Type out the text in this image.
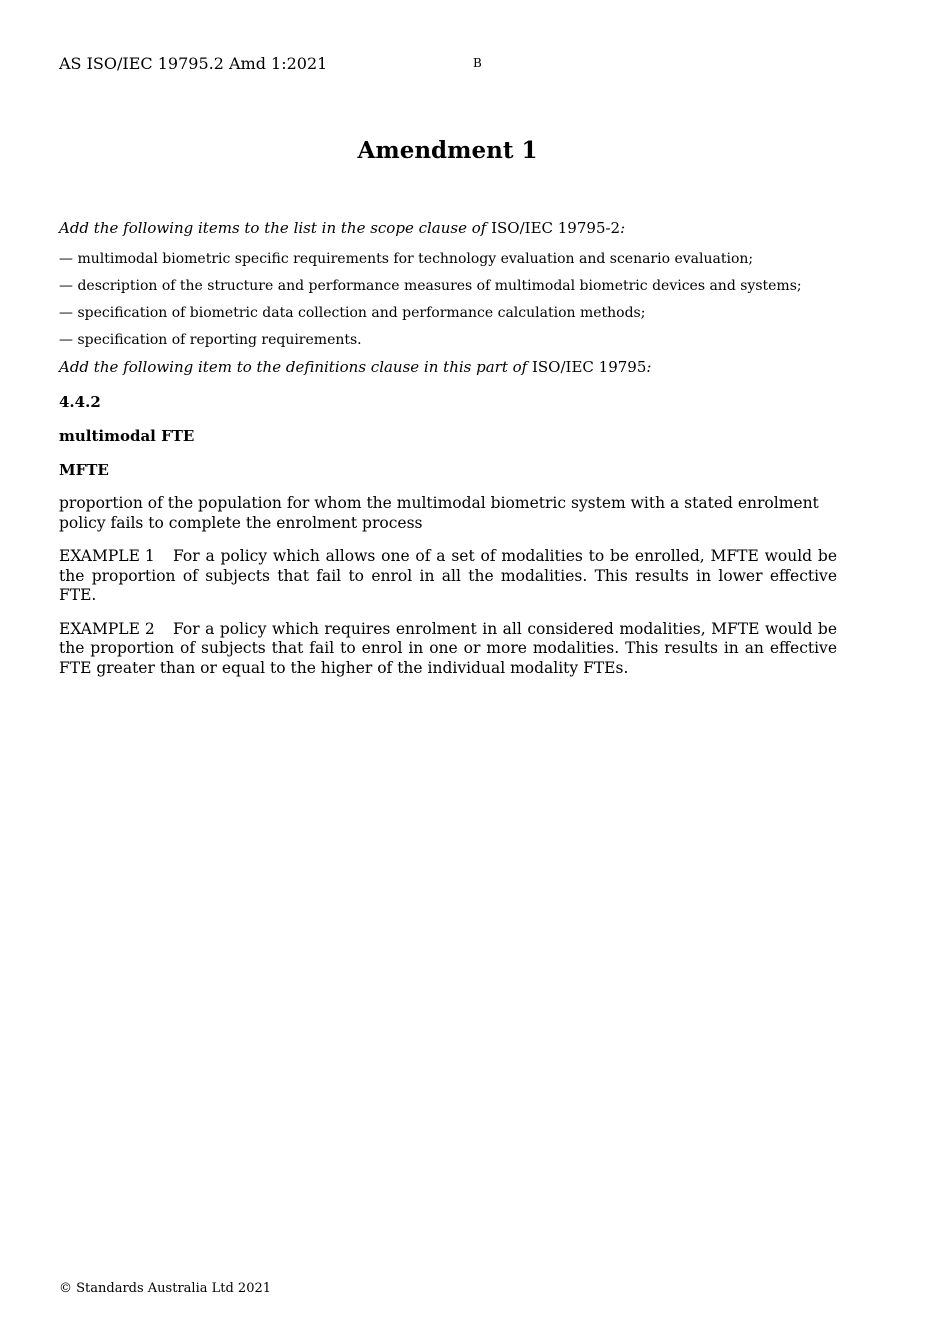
AS ISO/IEC 19795.2 Amd 1:2021	B
Amendment 1

Add the following items to the list in the scope clause of ISO/IEC 19795-2:

— multimodal biometric specific requirements for technology evaluation and scenario evaluation;
— description of the structure and performance measures of multimodal biometric devices and systems;
— specification of biometric data collection and performance calculation methods;
— specification of reporting requirements.

Add the following item to the definitions clause in this part of ISO/IEC 19795:

4.4.2

multimodal FTE

MFTE

proportion of the population for whom the multimodal biometric system with a stated enrolment policy fails to complete the enrolment process

EXAMPLE 1 For a policy which allows one of a set of modalities to be enrolled, MFTE would be the proportion of subjects that fail to enrol in all the modalities. This results in lower effective FTE.

EXAMPLE 2 For a policy which requires enrolment in all considered modalities, MFTE would be the proportion of subjects that fail to enrol in one or more modalities. This results in an effective FTE greater than or equal to the higher of the individual modality FTEs.

© Standards Australia Ltd 2021
